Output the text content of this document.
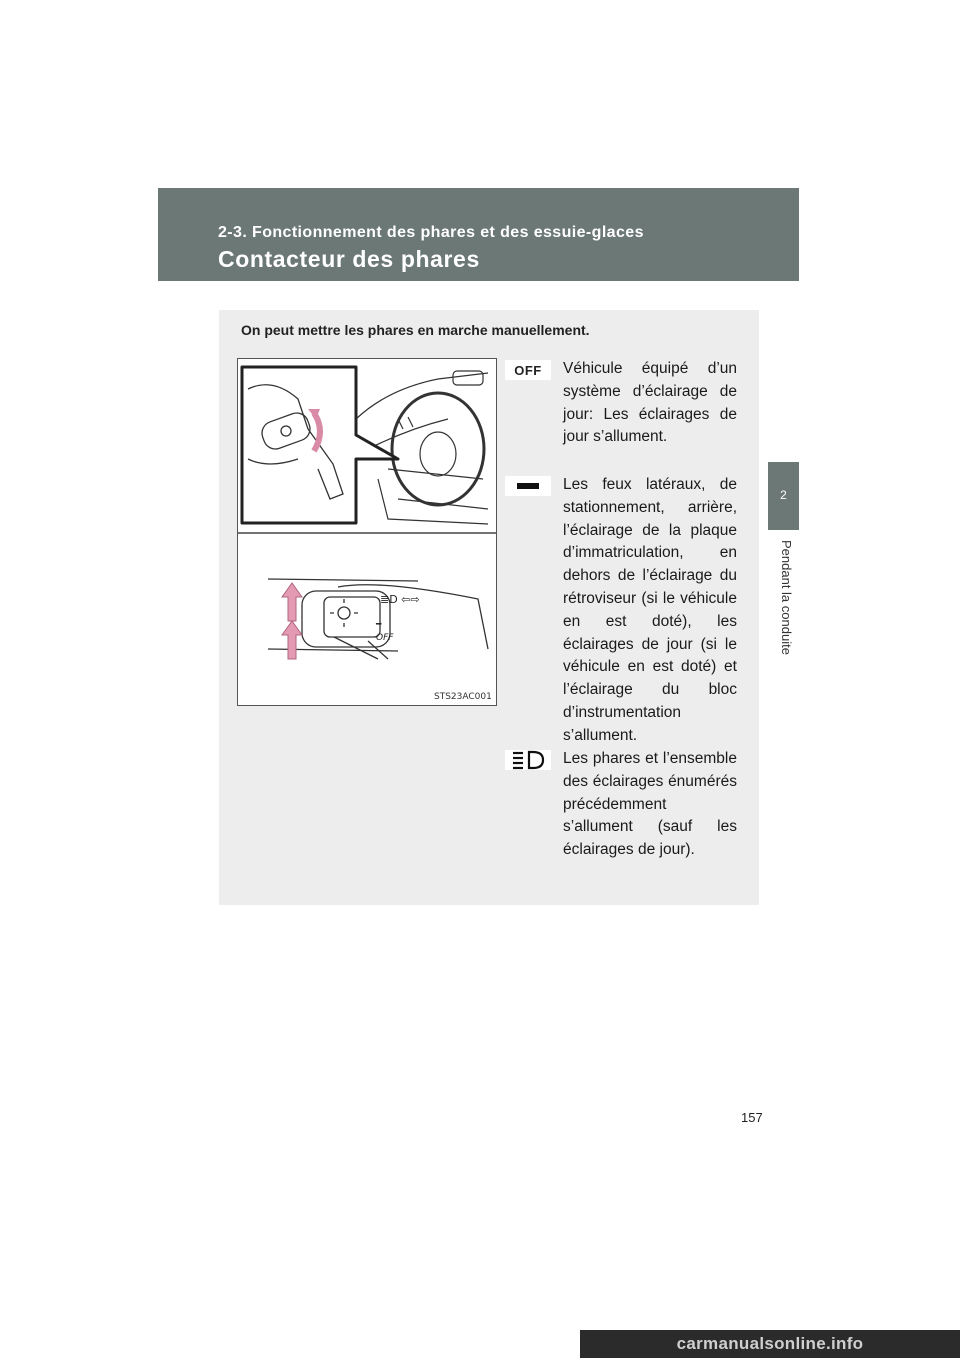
2-3. Fonctionnement des phares et des essuie-glaces
Contacteur des phares
2
Pendant la conduite
On peut mettre les phares en marche manuellement.
≣D ⇦⇨
━
OFF
STS23AC001
OFF	Véhicule équipé d’un système d’éclairage de jour: Les éclairages de jour s’allument.
Les feux latéraux, de stationnement, arrière, l’éclairage de la plaque d’immatriculation, en dehors de l’éclairage du rétroviseur (si le véhicule en est doté), les éclairages de jour (si le véhicule en est doté) et l’éclairage du bloc d’instrumentation s’allument.
Les phares et l’ensemble des éclairages énumérés précédemment s’allument (sauf les éclairages de jour).
157
carmanualsonline.info
